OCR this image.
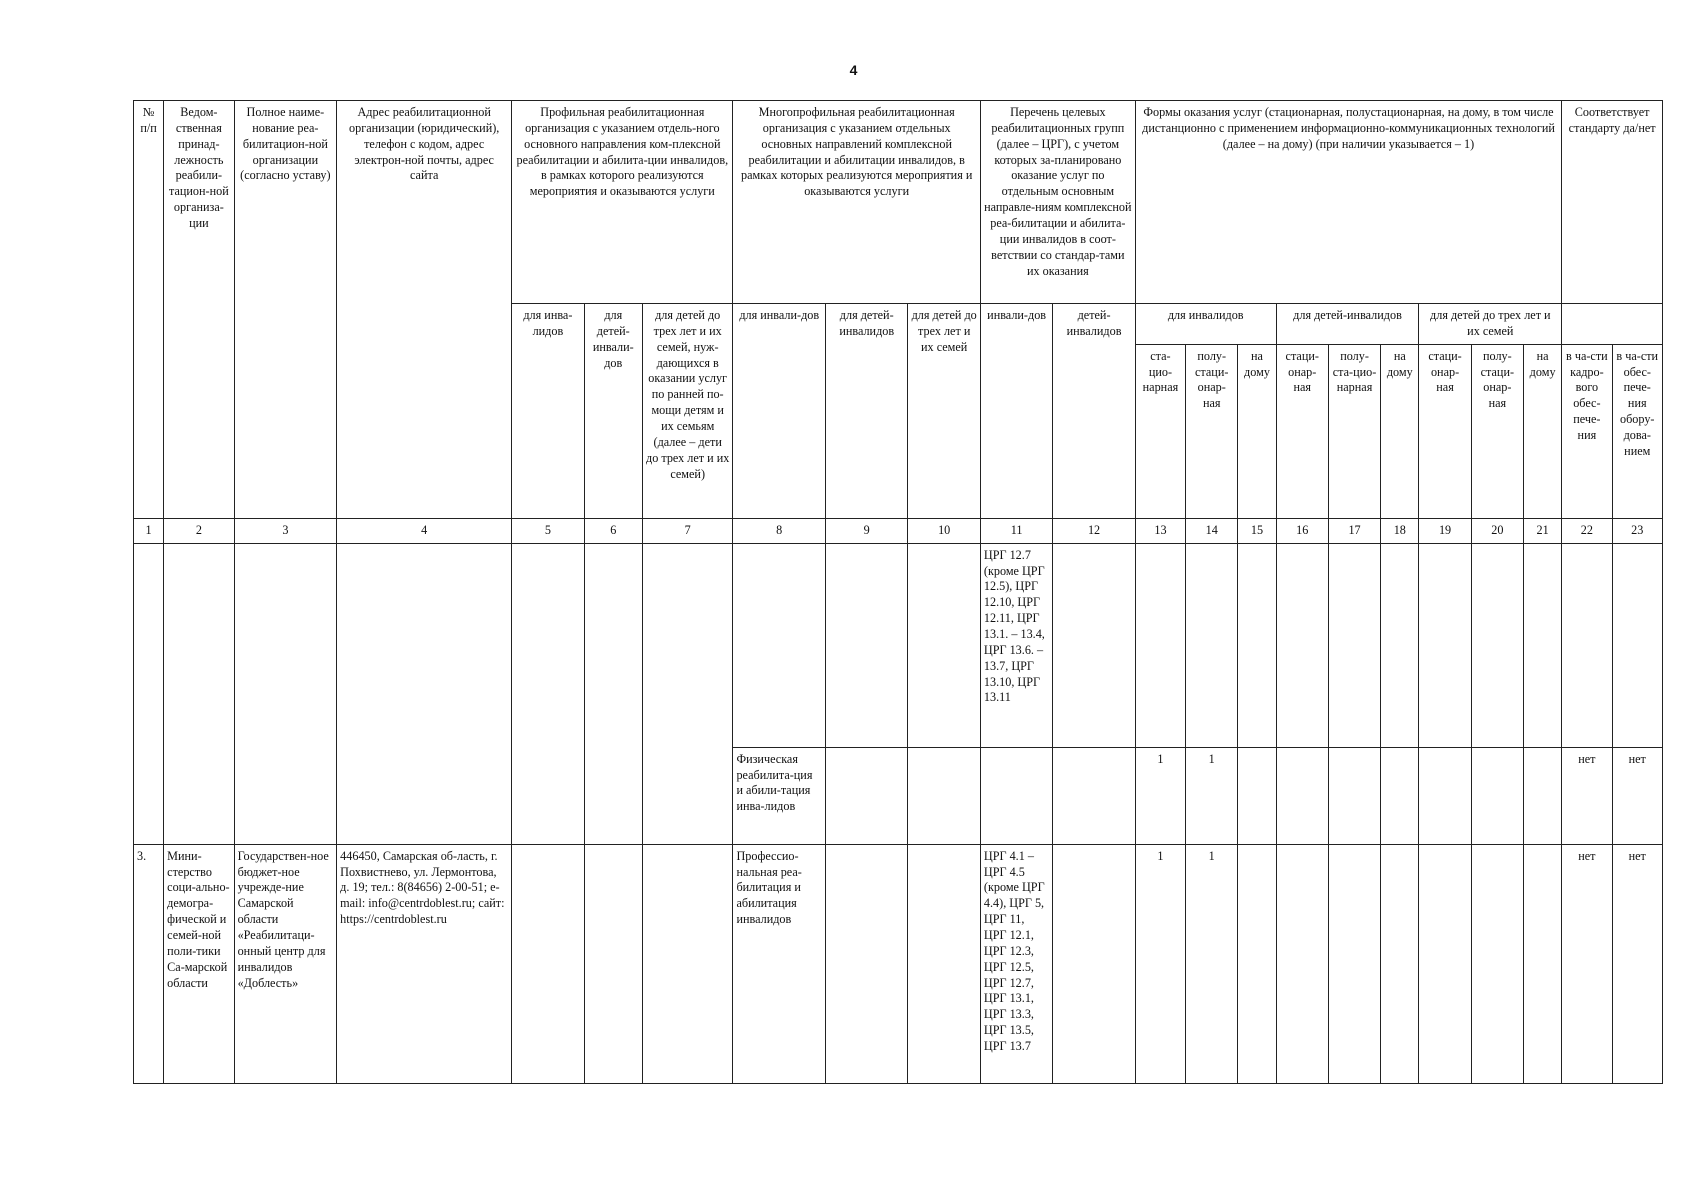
4
№ п/п	Ведом-ственная принад-лежность реабили-тацион-ной организа-ции	Полное наиме-нование реа-билитацион-ной организации (согласно уставу)	Адрес реабилитационной организации (юридический), телефон с кодом, адрес электрон-ной почты, адрес сайта	Профильная реабилитационная организация с указанием отдель-ного основного направления ком-плексной реабилитации и абилита-ции инвалидов, в рамках которого реализуются мероприятия и оказываются услуги			Многопрофильная реабилитационная организация с указанием отдельных основных направлений комплексной реабилитации и абилитации инвалидов, в рамках которых реализуются мероприятия и оказываются услуги			Перечень целевых реабилитационных групп (далее – ЦРГ), с учетом которых за-планировано оказание услуг по отдельным основным направле-ниям комплексной реа-билитации и абилита-ции инвалидов в соот-ветствии со стандар-тами их оказания		Формы оказания услуг (стационарная, полустационарная, на дому, в том числе дистанционно с применением информационно-коммуникационных технологий (далее – на дому) (при наличии указывается – 1)									Соответствует стандарту да/нет	
				для инва-лидов	для детей-инвали-дов	для детей до трех лет и их семей, нуж-дающихся в оказании услуг по ранней по-мощи детям и их семьям (далее – дети до трех лет и их семей)	для инвали-дов	для детей-инвалидов	для детей до трех лет и их семей	инвали-дов	детей-инвалидов	для инвалидов			для детей-инвалидов			для детей до трех лет и их семей				
												ста-цио-нарная	полу-стаци-онар-ная	на дому	стаци-онар-ная	полу-ста-цио-нарная	на дому	стаци-онар-ная	полу-стаци-онар-ная	на дому	в ча-сти кадро-вого обес-пече-ния	в ча-сти обес-пече-ния обору-дова-нием
1	2	3	4	5	6	7	8	9	10	11	12	13	14	15	16	17	18	19	20	21	22	23
										ЦРГ 12.7 (кроме ЦРГ 12.5), ЦРГ 12.10, ЦРГ 12.11, ЦРГ 13.1. – 13.4, ЦРГ 13.6. – 13.7, ЦРГ 13.10, ЦРГ 13.11												
							Физическая реабилита-ция и абили-тация инва-лидов					1	1								нет	нет
3.	Мини-стерство соци-ально-демогра-фической и семей-ной поли-тики Са-марской области	Государствен-ное бюджет-ное учрежде-ние Самарской области «Реабилитаци-онный центр для инвалидов «Доблесть»	446450, Самарская об-ласть, г. Похвистнево, ул. Лермонтова, д. 19; тел.: 8(84656) 2-00-51; e-mail: info@centrdoblest.ru; сайт: https://centrdoblest.ru				Профессио-нальная реа-билитация и абилитация инвалидов			ЦРГ 4.1 – ЦРГ 4.5 (кроме ЦРГ 4.4), ЦРГ 5, ЦРГ 11, ЦРГ 12.1, ЦРГ 12.3, ЦРГ 12.5, ЦРГ 12.7, ЦРГ 13.1, ЦРГ 13.3, ЦРГ 13.5, ЦРГ 13.7		1	1								нет	нет
